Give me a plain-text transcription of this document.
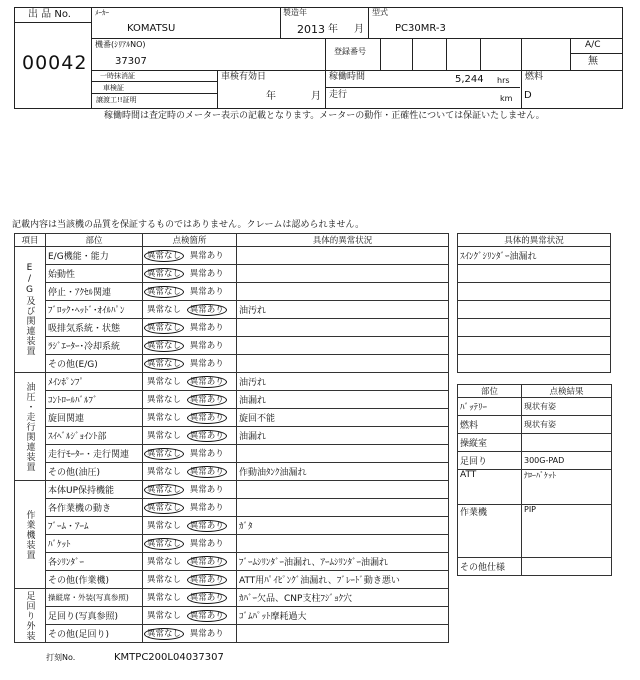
出 品 No.
00042
ﾒｰｶｰ
KOMATSU
製造年
2013 年 月
型式
PC30MR-3
機番(ｼﾘｱﾙNO)
37307
登録番号
A/C
無
一時抹消証
車検証
譲渡工!!証明
車検有効日
年	月
稼働時間	5,244 hrs
走行	km
燃料
D
稼働時間は査定時のメーター表示の記載となります。メーターの動作・正確性については保証いたしません。
記載内容は当該機の品質を保証するものではありません。クレームは認められません。
項目	部位	点検箇所	具体的異常状況
E/G及び関連装置	E/G機能・能力	異常なし 異常あり	
	始動性	異常なし 異常あり	
	停止・ｱｸｾﾙ関連	異常なし 異常あり	
	ﾌﾞﾛｯｸ･ﾍｯﾄﾞ･ｵｲﾙﾊﾟﾝ	異常なし 異常あり	油汚れ
	吸排気系統・状態	異常なし 異常あり	
	ﾗｼﾞｴｰﾀｰ･冷却系統	異常なし 異常あり	
	その他(E/G)	異常なし 異常あり	
油圧・走行関連装置	ﾒｲﾝﾎﾟﾝﾌﾟ	異常なし 異常あり	油汚れ
	ｺﾝﾄﾛｰﾙﾊﾞﾙﾌﾞ	異常なし 異常あり	油漏れ
	旋回関連	異常なし 異常あり	旋回不能
	ｽｲﾍﾞﾙｼﾞｮｲﾝﾄ部	異常なし 異常あり	油漏れ
	走行ﾓｰﾀｰ・走行関連	異常なし 異常あり	
	その他(油圧)	異常なし 異常あり	作動油ﾀﾝｸ油漏れ
作業機装置	本体UP保持機能	異常なし 異常あり	
	各作業機の動き	異常なし 異常あり	
	ﾌﾞｰﾑ・ｱｰﾑ	異常なし 異常あり	ｶﾞﾀ
	ﾊﾞｹｯﾄ	異常なし 異常あり	
	各ｼﾘﾝﾀﾞｰ	異常なし 異常あり	ﾌﾞｰﾑｼﾘﾝﾀﾞｰ油漏れ、ｱｰﾑｼﾘﾝﾀﾞｰ油漏れ
	その他(作業機)	異常なし 異常あり	ATT用ﾊﾟｲﾋﾟﾝｸﾞ油漏れ、ﾌﾞﾚｰﾄﾞ動き悪い
足回り外装	操縦席・外装(写真参照)	異常なし 異常あり	ｶﾊﾞｰ欠品、CNP支柱ﾌｼﾞｮｸ穴
	足回り(写真参照)	異常なし 異常あり	ｺﾞﾑﾊﾟｯﾄ摩耗過大
	その他(足回り)	異常なし 異常あり	
具体的異常状況
ｽｲﾝｸﾞｼﾘﾝﾀﾞｰ油漏れ

部位	点検結果
ﾊﾞｯﾃﾘｰ	現状有姿
燃料	現状有姿
操縦室	
足回り	300G-PAD
ATT	ﾅﾛｰﾊﾞｹｯﾄ
作業機	PIP
その他仕様	
打刻No.	KMTPC200L04037307
